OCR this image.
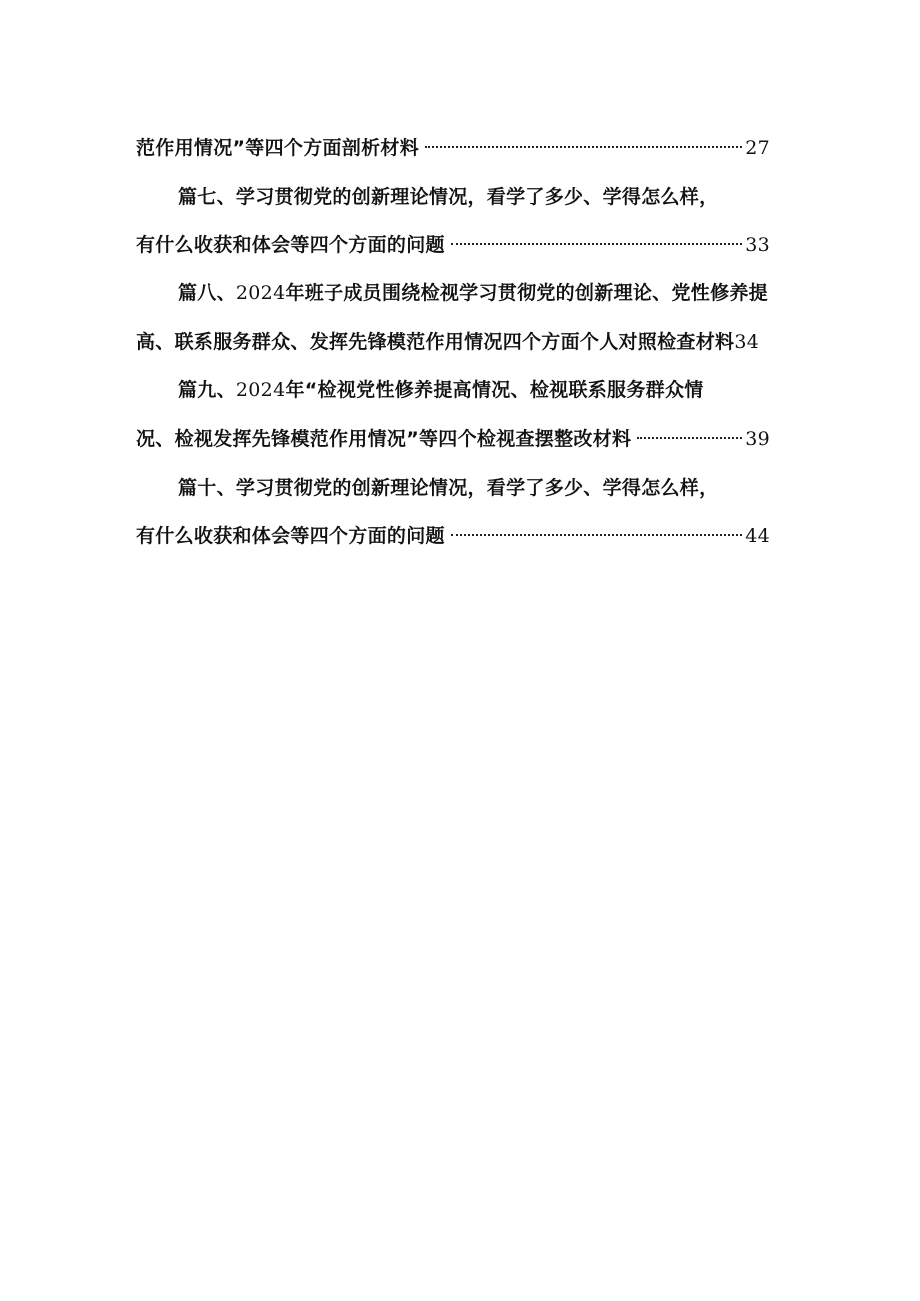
范作用情况”等四个方面剖析材料	27
篇七、学习贯彻党的创新理论情况，看学了多少、学得怎么样，
有什么收获和体会等四个方面的问题	33
篇八、2024年班子成员围绕检视学习贯彻党的创新理论、党性修养提
高、联系服务群众、发挥先锋模范作用情况四个方面个人对照检查材料 34
篇九、2024年“检视党性修养提高情况、检视联系服务群众情
况、检视发挥先锋模范作用情况”等四个检视查摆整改材料	39
篇十、学习贯彻党的创新理论情况，看学了多少、学得怎么样，
有什么收获和体会等四个方面的问题	44
